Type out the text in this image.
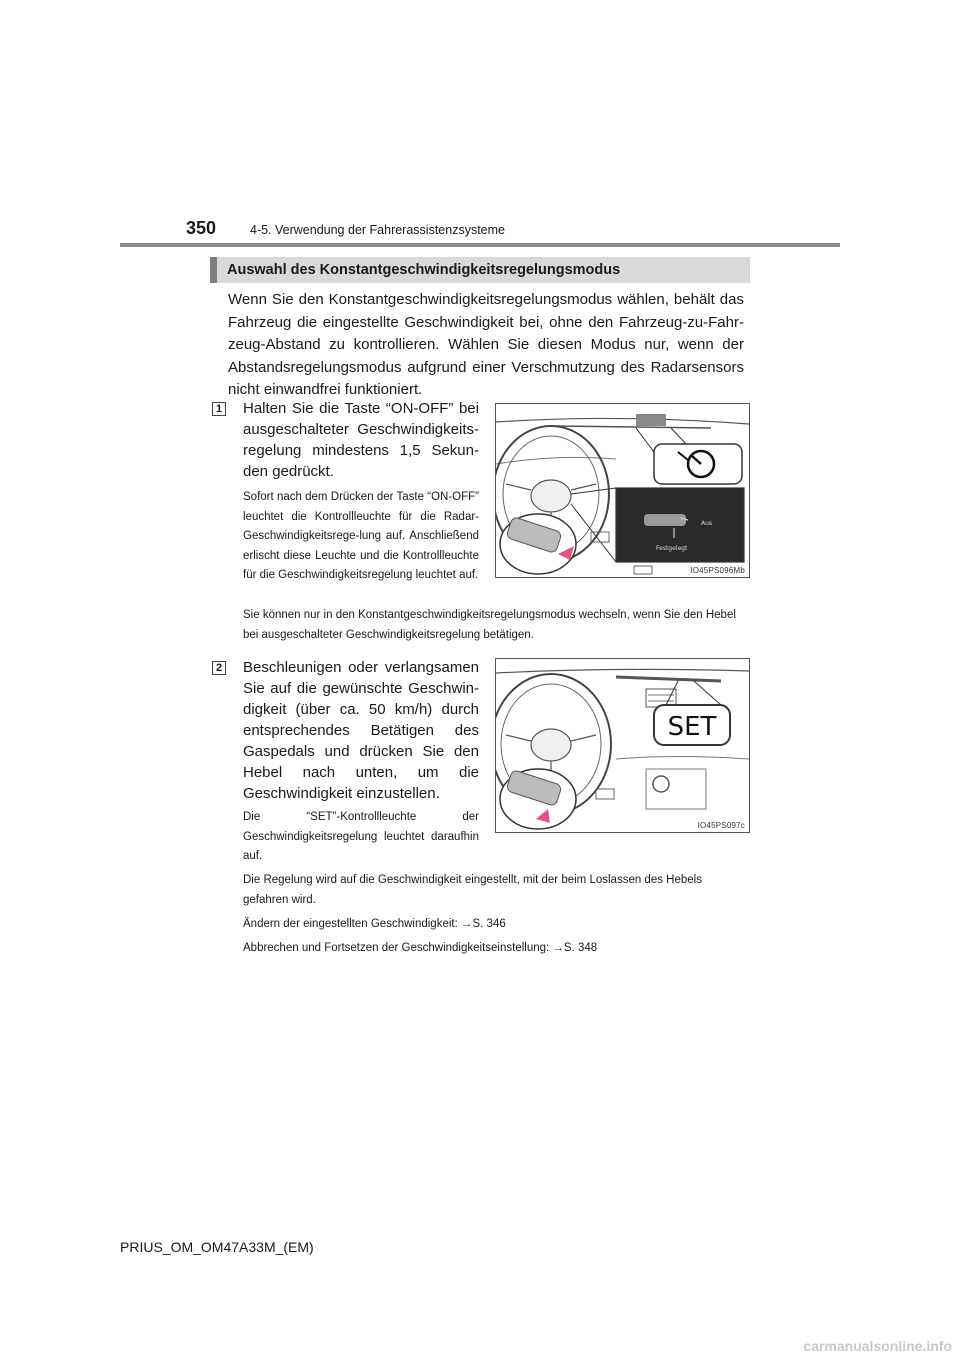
350	4-5. Verwendung der Fahrerassistenzsysteme
Auswahl des Konstantgeschwindigkeitsregelungsmodus
Wenn Sie den Konstantgeschwindigkeitsregelungsmodus wählen, behält das Fahrzeug die eingestellte Geschwindigkeit bei, ohne den Fahrzeug-zu-Fahr-zeug-Abstand zu kontrollieren. Wählen Sie diesen Modus nur, wenn der Abstandsregelungsmodus aufgrund einer Verschmutzung des Radarsensors nicht einwandfrei funktioniert.
1 Halten Sie die Taste “ON-OFF” bei ausgeschalteter Geschwindigkeits-regelung mindestens 1,5 Sekun-den gedrückt.
Sofort nach dem Drücken der Taste “ON-OFF” leuchtet die Kontrollleuchte für die Radar-Geschwindigkeitsrege-lung auf. Anschließend erlischt diese Leuchte und die Kontrollleuchte für die Geschwindigkeitsregelung leuchtet auf.
Aus
Festgelegt
IO45PS096Mb
Sie können nur in den Konstantgeschwindigkeitsregelungsmodus wechseln, wenn Sie den Hebel bei ausgeschalteter Geschwindigkeitsregelung betätigen.
2 Beschleunigen oder verlangsamen Sie auf die gewünschte Geschwin-digkeit (über ca. 50 km/h) durch entsprechendes Betätigen des Gaspedals und drücken Sie den Hebel nach unten, um die Geschwindigkeit einzustellen.
Die “SET”-Kontrollleuchte der Geschwindigkeitsregelung leuchtet daraufhin auf.
SET
IO45PS097c
Die Regelung wird auf die Geschwindigkeit eingestellt, mit der beim Loslassen des Hebels gefahren wird.
Ändern der eingestellten Geschwindigkeit: →S. 346
Abbrechen und Fortsetzen der Geschwindigkeitseinstellung: →S. 348
PRIUS_OM_OM47A33M_(EM)
carmanualsonline.info
